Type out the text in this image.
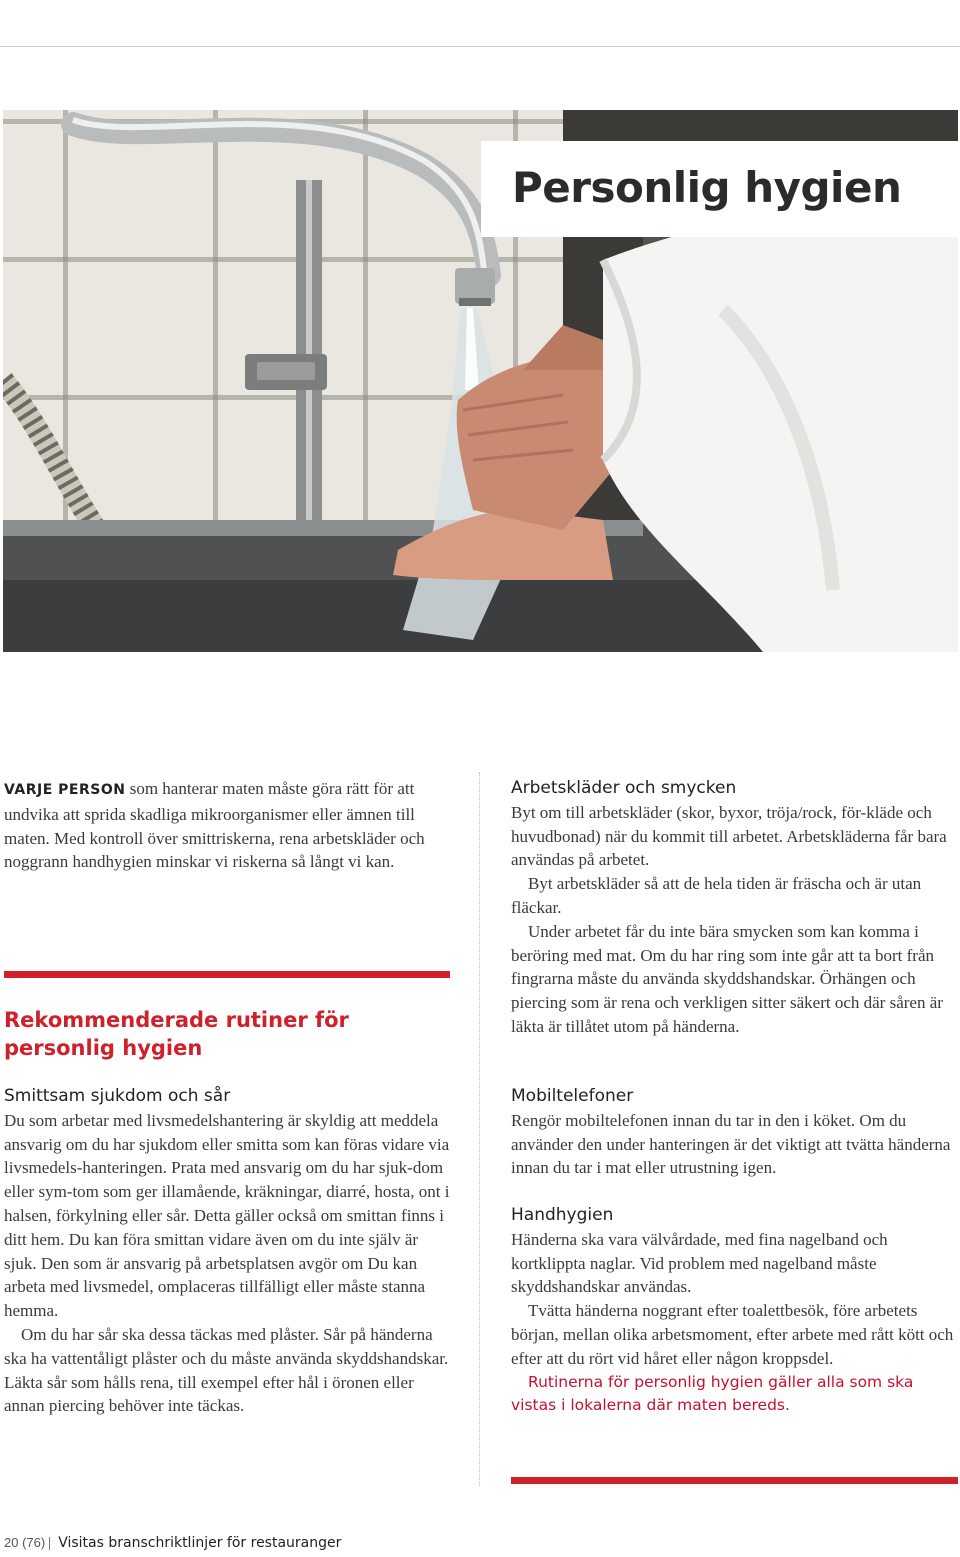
Personlig hygien

VARJE PERSON som hanterar maten måste göra rätt för att undvika att sprida skadliga mikroorganismer eller ämnen till maten. Med kontroll över smittriskerna, rena arbetskläder och noggrann handhygien minskar vi riskerna så långt vi kan.

Rekommenderade rutiner för personlig hygien
Smittsam sjukdom och sår

Du som arbetar med livsmedelshantering är skyldig att meddela ansvarig om du har sjukdom eller smitta som kan föras vidare via livsmedels-hanteringen. Prata med ansvarig om du har sjuk-dom eller sym-tom som ger illamående, kräkningar, diarré, hosta, ont i halsen, förkylning eller sår. Detta gäller också om smittan finns i ditt hem. Du kan föra smittan vidare även om du inte själv är sjuk. Den som är ansvarig på arbetsplatsen avgör om Du kan arbeta med livsmedel, omplaceras tillfälligt eller måste stanna hemma.

Om du har sår ska dessa täckas med plåster. Sår på händerna ska ha vattentåligt plåster och du måste använda skyddshandskar. Läkta sår som hålls rena, till exempel efter hål i öronen eller annan piercing behöver inte täckas.

Arbetskläder och smycken

Byt om till arbetskläder (skor, byxor, tröja/rock, för-kläde och huvudbonad) när du kommit till arbetet. Arbetskläderna får bara användas på arbetet.

Byt arbetskläder så att de hela tiden är fräscha och är utan fläckar.

Under arbetet får du inte bära smycken som kan komma i beröring med mat. Om du har ring som inte går att ta bort från fingrarna måste du använda skyddshandskar. Örhängen och piercing som är rena och verkligen sitter säkert och där såren är läkta är tillåtet utom på händerna.

Mobiltelefoner

Rengör mobiltelefonen innan du tar in den i köket. Om du använder den under hanteringen är det viktigt att tvätta händerna innan du tar i mat eller utrustning igen.

Handhygien

Händerna ska vara välvårdade, med fina nagelband och kortklippta naglar. Vid problem med nagelband måste skyddshandskar användas.

Tvätta händerna noggrant efter toalettbesök, före arbetets början, mellan olika arbetsmoment, efter arbete med rått kött och efter att du rört vid håret eller någon kroppsdel.

Rutinerna för personlig hygien gäller alla som ska vistas i lokalerna där maten bereds.

20 (76) Visitas branschriktlinjer för restauranger
